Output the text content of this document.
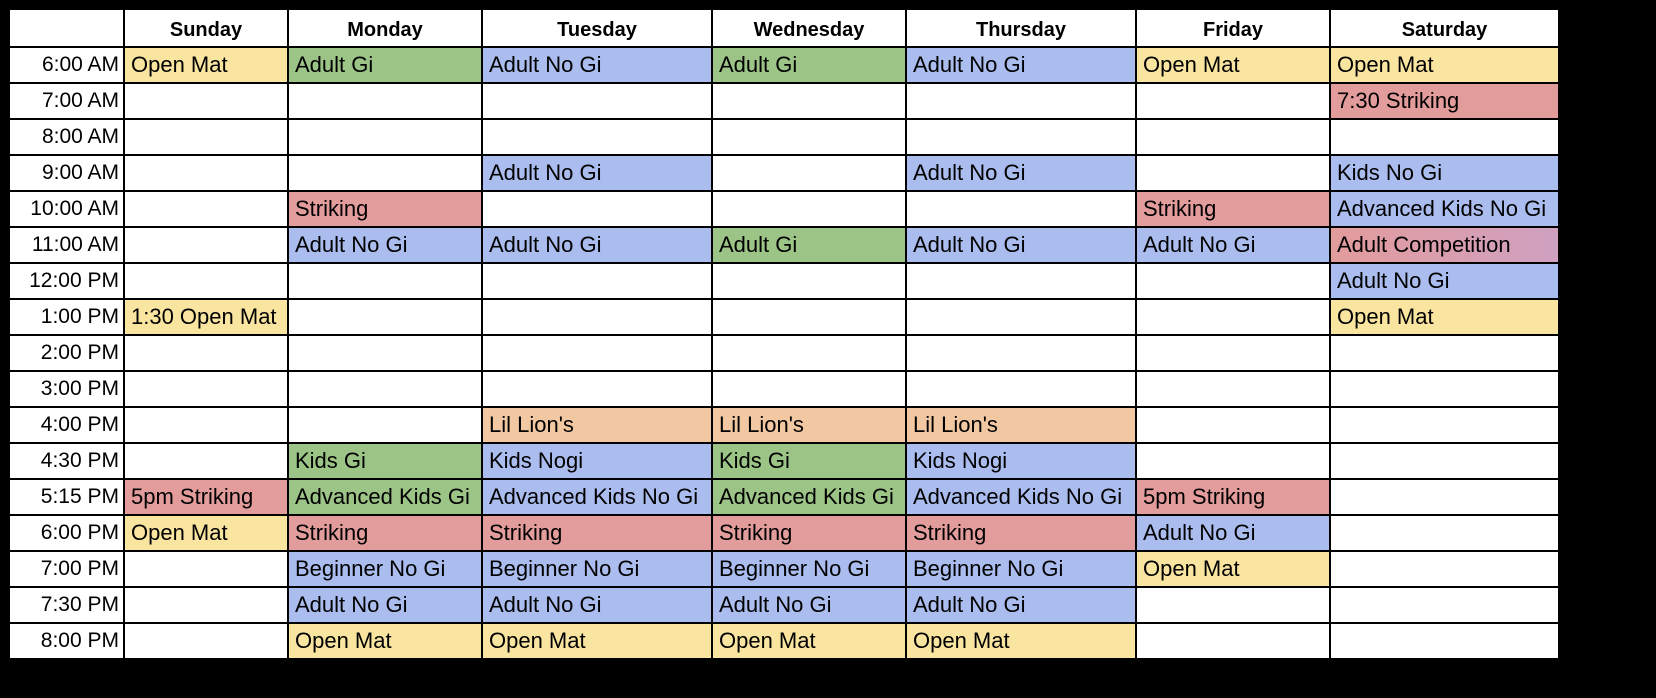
	Sunday	Monday	Tuesday	Wednesday	Thursday	Friday	Saturday
6:00 AM	Open Mat	Adult Gi	Adult No Gi	Adult Gi	Adult No Gi	Open Mat	Open Mat
7:00 AM							7:30 Striking
8:00 AM							
9:00 AM			Adult No Gi		Adult No Gi		Kids No Gi
10:00 AM		Striking				Striking	Advanced Kids No Gi
11:00 AM		Adult No Gi	Adult No Gi	Adult Gi	Adult No Gi	Adult No Gi	Adult Competition
12:00 PM							Adult No Gi
1:00 PM	1:30 Open Mat						Open Mat
2:00 PM							
3:00 PM							
4:00 PM			Lil Lion's	Lil Lion's	Lil Lion's		
4:30 PM		Kids Gi	Kids Nogi	Kids Gi	Kids Nogi		
5:15 PM	5pm Striking	Advanced Kids Gi	Advanced Kids No Gi	Advanced Kids Gi	Advanced Kids No Gi	5pm Striking	
6:00 PM	Open Mat	Striking	Striking	Striking	Striking	Adult No Gi	
7:00 PM		Beginner No Gi	Beginner No Gi	Beginner No Gi	Beginner No Gi	Open Mat	
7:30 PM		Adult No Gi	Adult No Gi	Adult No Gi	Adult No Gi		
8:00 PM		Open Mat	Open Mat	Open Mat	Open Mat		
